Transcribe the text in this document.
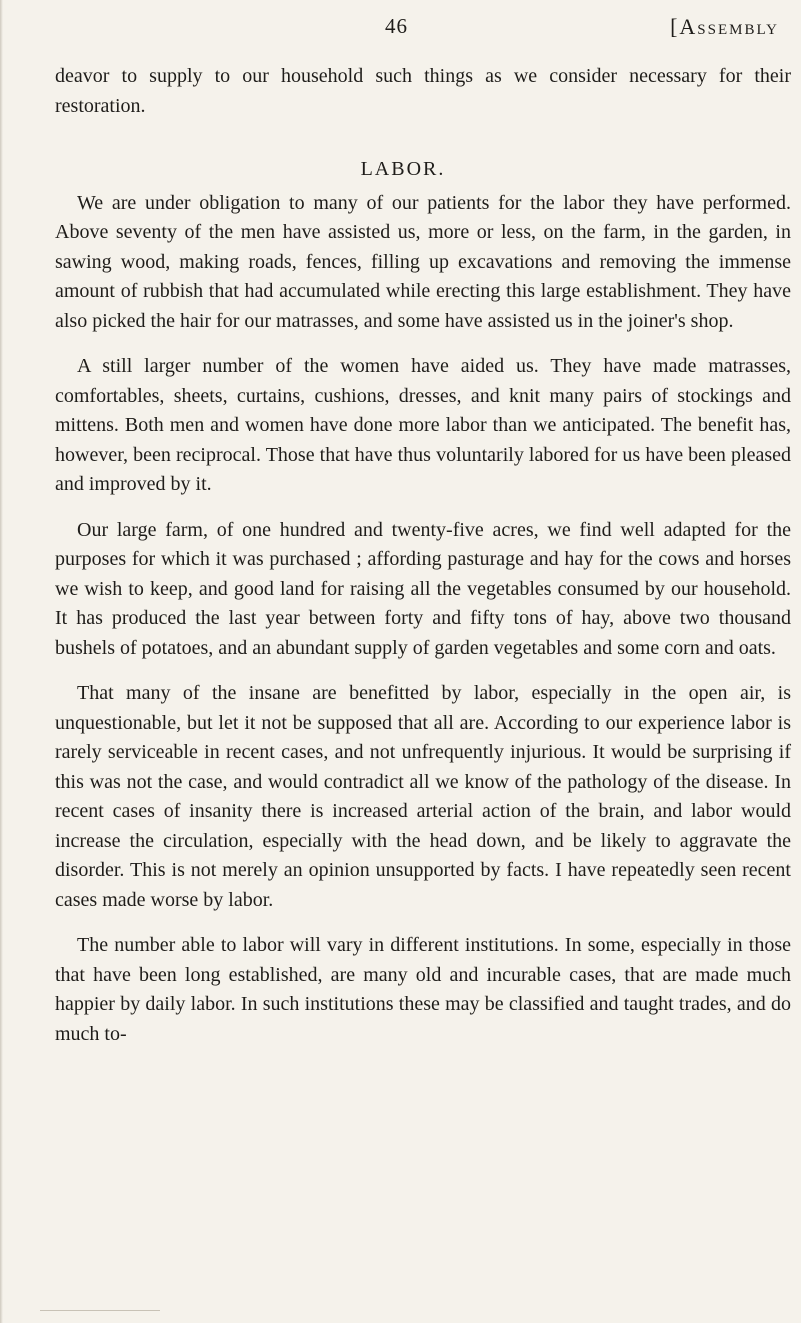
46	[Assembly

deavor to supply to our household such things as we consider necessary for their restoration.

LABOR.

We are under obligation to many of our patients for the labor they have performed. Above seventy of the men have assisted us, more or less, on the farm, in the garden, in sawing wood, making roads, fences, filling up excavations and removing the immense amount of rubbish that had accumulated while erecting this large establishment. They have also picked the hair for our matrasses, and some have assisted us in the joiner's shop.

A still larger number of the women have aided us. They have made matrasses, comfortables, sheets, curtains, cushions, dresses, and knit many pairs of stockings and mittens. Both men and women have done more labor than we anticipated. The benefit has, however, been reciprocal. Those that have thus voluntarily labored for us have been pleased and improved by it.

Our large farm, of one hundred and twenty-five acres, we find well adapted for the purposes for which it was purchased ; affording pasturage and hay for the cows and horses we wish to keep, and good land for raising all the vegetables consumed by our household. It has produced the last year between forty and fifty tons of hay, above two thousand bushels of potatoes, and an abundant supply of garden vegetables and some corn and oats.

That many of the insane are benefitted by labor, especially in the open air, is unquestionable, but let it not be supposed that all are. According to our experience labor is rarely serviceable in recent cases, and not unfrequently injurious. It would be surprising if this was not the case, and would contradict all we know of the pathology of the disease. In recent cases of insanity there is increased arterial action of the brain, and labor would increase the circulation, especially with the head down, and be likely to aggravate the disorder. This is not merely an opinion unsupported by facts. I have repeatedly seen recent cases made worse by labor.

The number able to labor will vary in different institutions. In some, especially in those that have been long established, are many old and incurable cases, that are made much happier by daily labor. In such institutions these may be classified and taught trades, and do much to-
